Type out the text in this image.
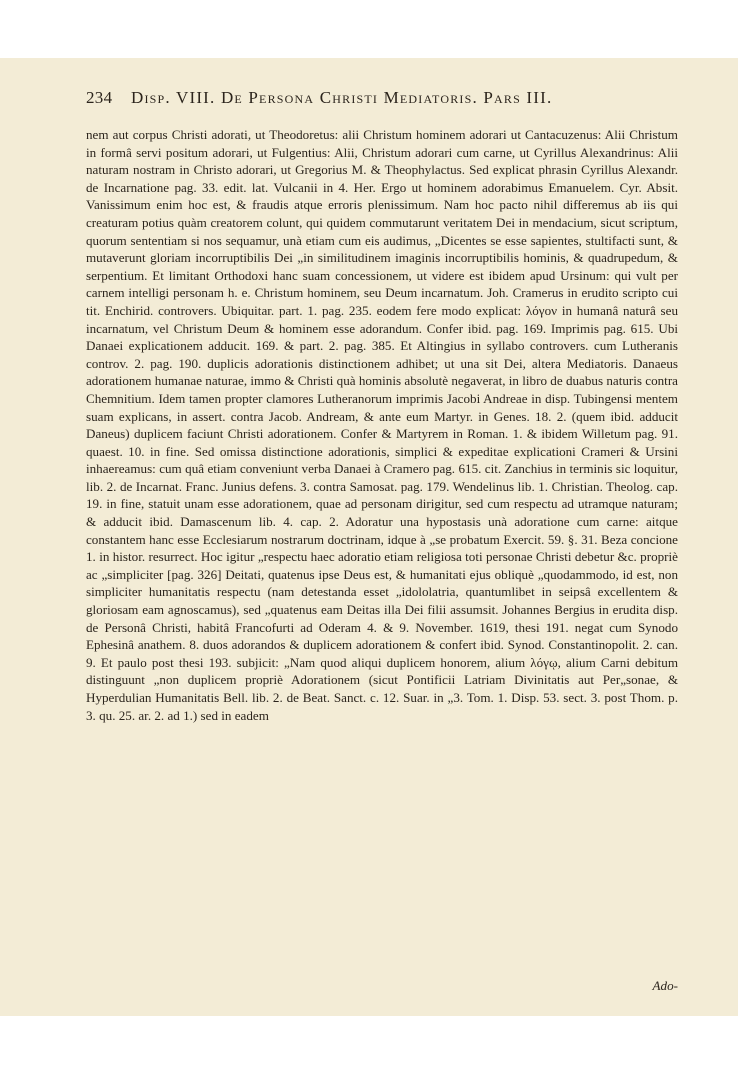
234 Disp. VIII. De Persona Christi Mediatoris. Pars III.

nem aut corpus Christi adorati, ut Theodoretus: alii Christum hominem adorari ut Cantacuzenus: Alii Christum in formâ servi positum adorari, ut Fulgentius: Alii, Christum adorari cum carne, ut Cyrillus Alexandrinus: Alii naturam nostram in Christo adorari, ut Gregorius M. & Theophylactus. Sed explicat phrasin Cyrillus Alexandr. de Incarnatione pag. 33. edit. lat. Vulcanii in 4. Her. Ergo ut hominem adorabimus Emanuelem. Cyr. Absit. Vanissimum enim hoc est, & fraudis atque erroris plenissimum. Nam hoc pacto nihil differemus ab iis qui creaturam potius quàm creatorem colunt, qui quidem commutarunt veritatem Dei in mendacium, sicut scriptum, quorum sententiam si nos sequamur, unà etiam cum eis audimus, „Dicentes se esse sapientes, stultifacti sunt, & mutaverunt gloriam incorruptibilis Dei „in similitudinem imaginis incorruptibilis hominis, & quadrupedum, & serpentium. Et limitant Orthodoxi hanc suam concessionem, ut videre est ibidem apud Ursinum: qui vult per carnem intelligi personam h. e. Christum hominem, seu Deum incarnatum. Joh. Cramerus in erudito scripto cui tit. Enchirid. controvers. Ubiquitar. part. 1. pag. 235. eodem fere modo explicat: λόγον in humanâ naturâ seu incarnatum, vel Christum Deum & hominem esse adorandum. Confer ibid. pag. 169. Imprimis pag. 615. Ubi Danaei explicationem adducit. 169. & part. 2. pag. 385. Et Altingius in syllabo controvers. cum Lutheranis controv. 2. pag. 190. duplicis adorationis distinctionem adhibet; ut una sit Dei, altera Mediatoris. Danaeus adorationem humanae naturae, immo & Christi quà hominis absolutè negaverat, in libro de duabus naturis contra Chemnitium. Idem tamen propter clamores Lutheranorum imprimis Jacobi Andreae in disp. Tubingensi mentem suam explicans, in assert. contra Jacob. Andream, & ante eum Martyr. in Genes. 18. 2. (quem ibid. adducit Daneus) duplicem faciunt Christi adorationem. Confer & Martyrem in Roman. 1. & ibidem Willetum pag. 91. quaest. 10. in fine. Sed omissa distinctione adorationis, simplici & expeditae explicationi Crameri & Ursini inhaereamus: cum quâ etiam conveniunt verba Danaei à Cramero pag. 615. cit. Zanchius in terminis sic loquitur, lib. 2. de Incarnat. Franc. Junius defens. 3. contra Samosat. pag. 179. Wendelinus lib. 1. Christian. Theolog. cap. 19. in fine, statuit unam esse adorationem, quae ad personam dirigitur, sed cum respectu ad utramque naturam; & adducit ibid. Damascenum lib. 4. cap. 2. Adoratur una hypostasis unà adoratione cum carne: aitque constantem hanc esse Ecclesiarum nostrarum doctrinam, idque à „se probatum Exercit. 59. §. 31. Beza concione 1. in histor. resurrect. Hoc igitur „respectu haec adoratio etiam religiosa toti personae Christi debetur &c. propriè ac „simpliciter [pag. 326] Deitati, quatenus ipse Deus est, & humanitati ejus obliquè „quodammodo, id est, non simpliciter humanitatis respectu (nam detestanda esset „idololatria, quantumlibet in seipsâ excellentem & gloriosam eam agnoscamus), sed „quatenus eam Deitas illa Dei filii assumsit. Johannes Bergius in erudita disp. de Personâ Christi, habitâ Francofurti ad Oderam 4. & 9. November. 1619, thesi 191. negat cum Synodo Ephesinâ anathem. 8. duos adorandos & duplicem adorationem & confert ibid. Synod. Constantinopolit. 2. can. 9. Et paulo post thesi 193. subjicit: „Nam quod aliqui duplicem honorem, alium λόγῳ, alium Carni debitum distinguunt „non duplicem propriè Adorationem (sicut Pontificii Latriam Divinitatis aut Per„sonae, & Hyperdulian Humanitatis Bell. lib. 2. de Beat. Sanct. c. 12. Suar. in „3. Tom. 1. Disp. 53. sect. 3. post Thom. p. 3. qu. 25. ar. 2. ad 1.) sed in eadem

Ado-
